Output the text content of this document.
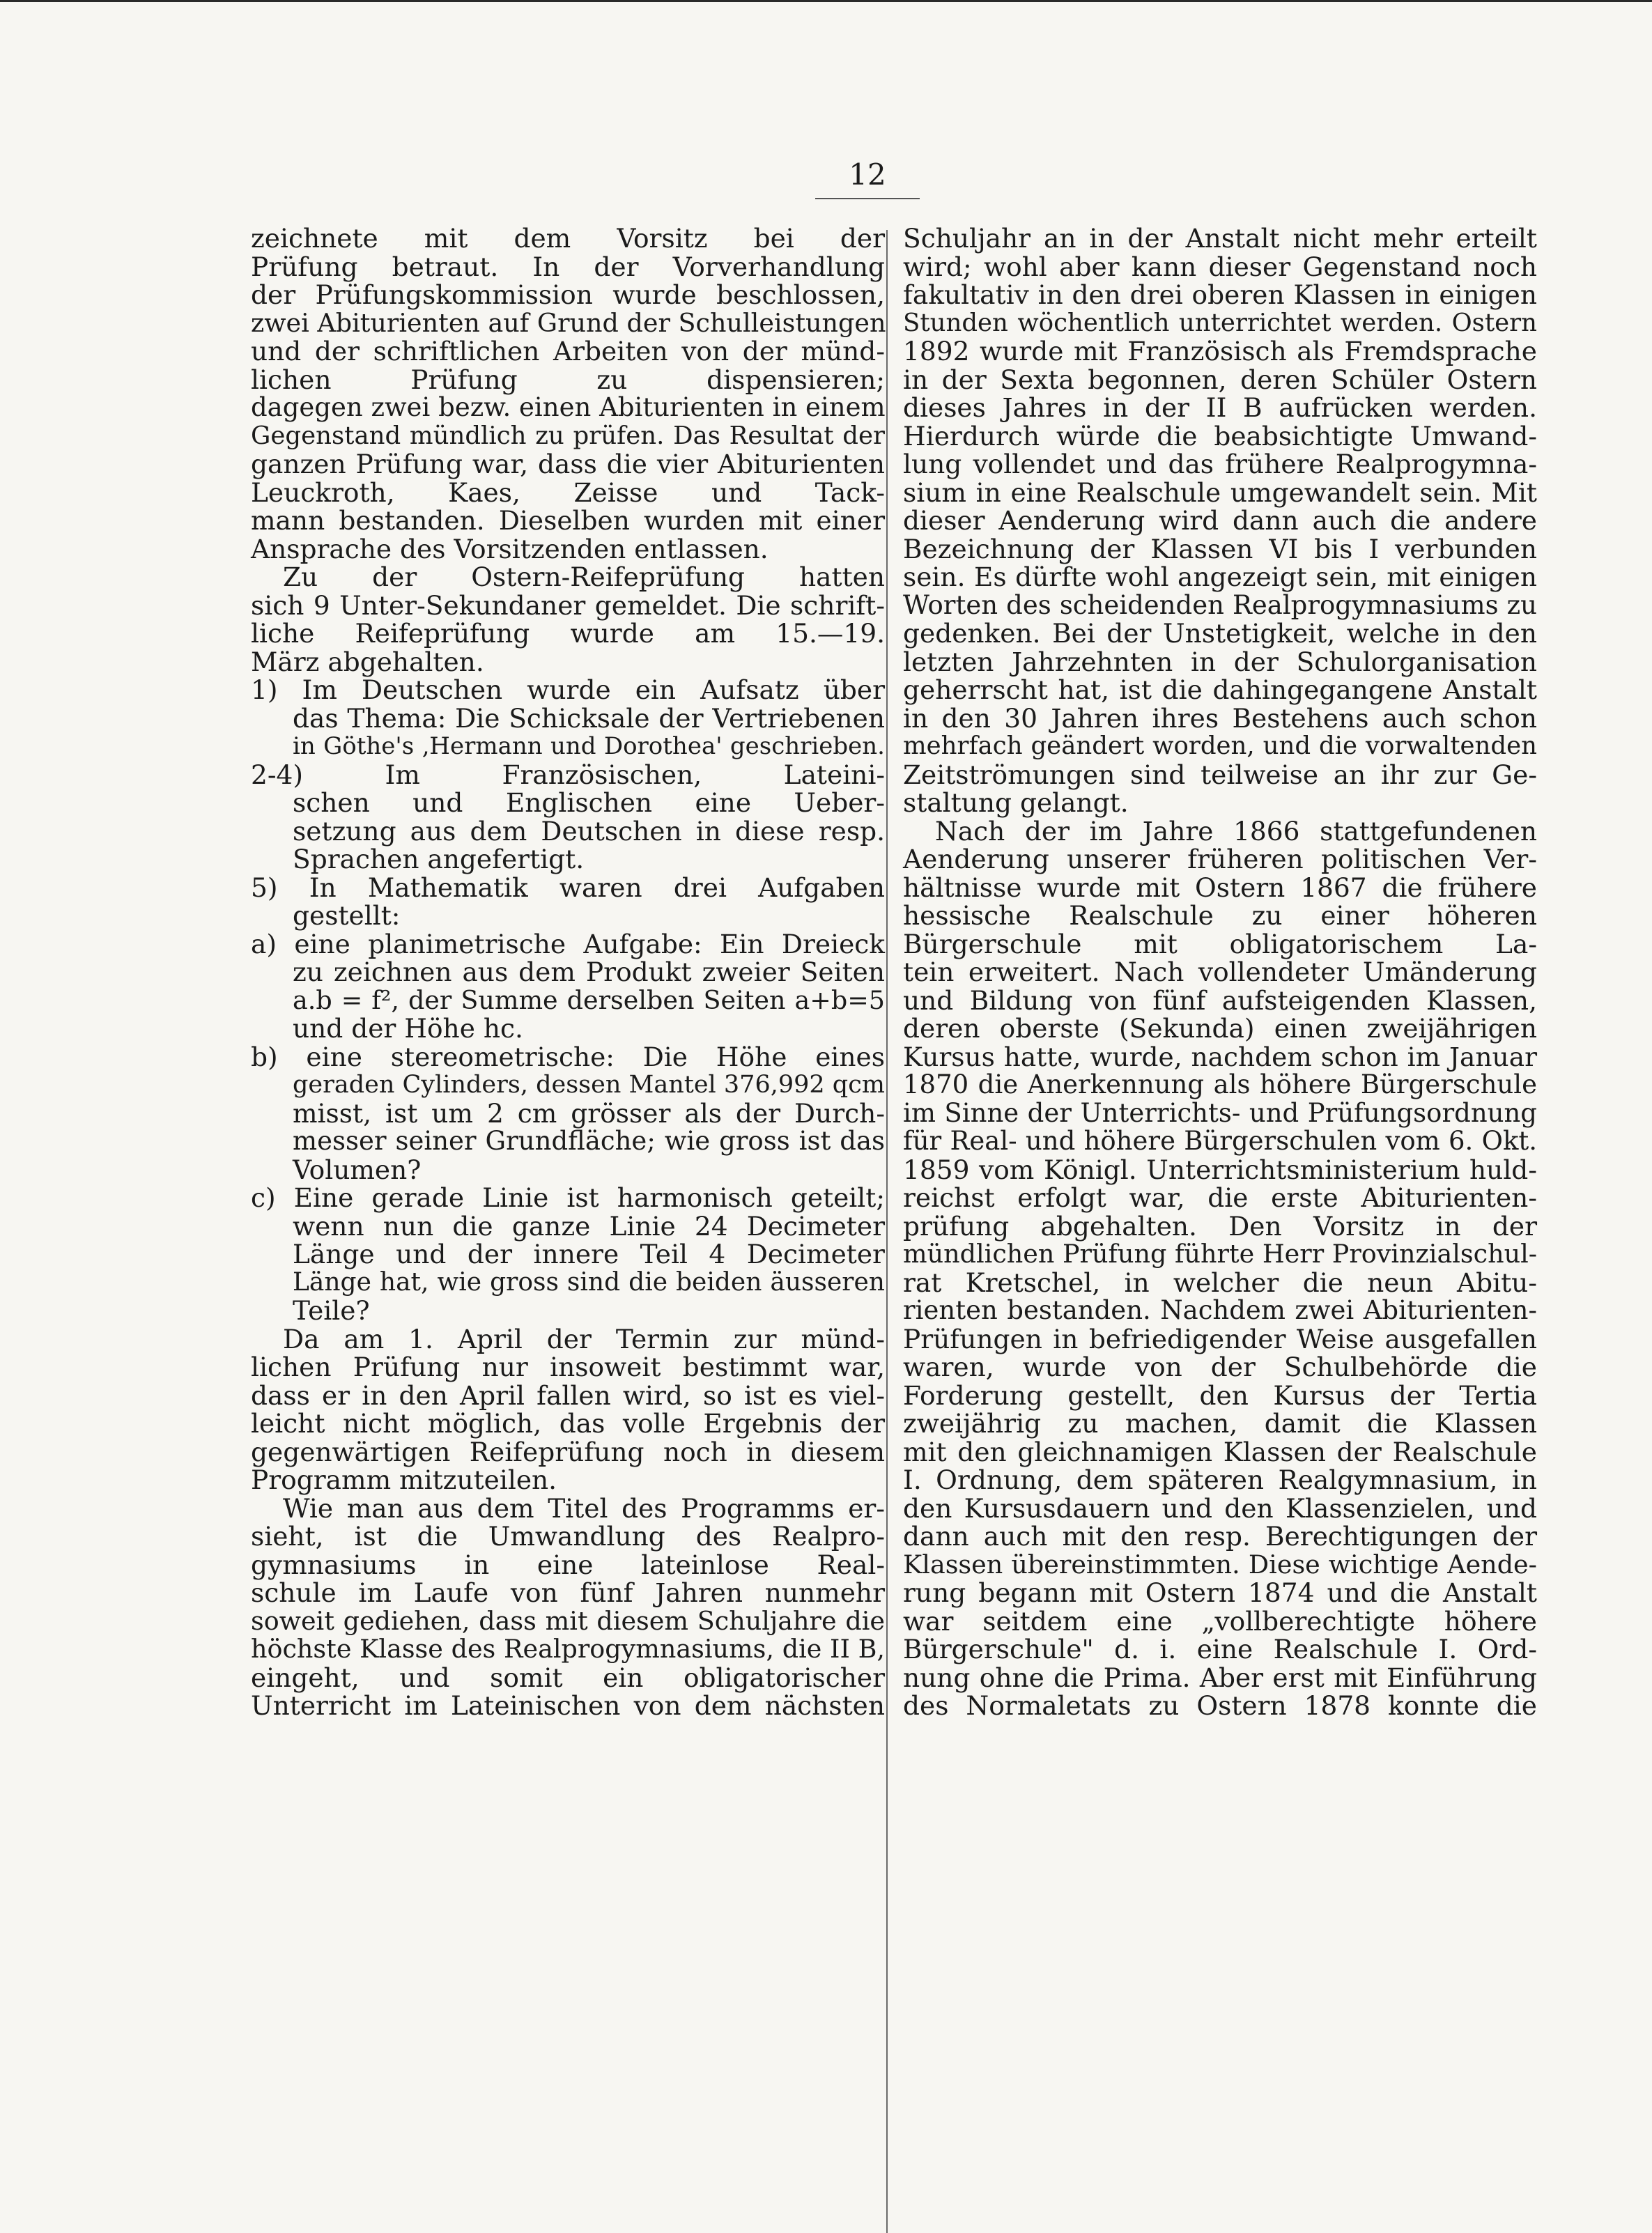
12
zeichnete mit dem Vorsitz bei der
Prüfung betraut. In der Vorverhandlung
der Prüfungskommission wurde beschlossen,
zwei Abiturienten auf Grund der Schulleistungen
und der schriftlichen Arbeiten von der münd-
lichen Prüfung zu dispensieren;
dagegen zwei bezw. einen Abiturienten in einem
Gegenstand mündlich zu prüfen. Das Resultat der
ganzen Prüfung war, dass die vier Abiturienten
Leuckroth, Kaes, Zeisse und Tack-
mann bestanden. Dieselben wurden mit einer
Ansprache des Vorsitzenden entlassen.
Zu der Ostern-Reifeprüfung hatten
sich 9 Unter-Sekundaner gemeldet. Die schrift-
liche Reifeprüfung wurde am 15.—19.
März abgehalten.
1) Im Deutschen wurde ein Aufsatz über
das Thema: Die Schicksale der Vertriebenen
in Göthe's ‚Hermann und Dorothea' geschrieben.
2-4) Im Französischen, Lateini-
schen und Englischen eine Ueber-
setzung aus dem Deutschen in diese resp.
Sprachen angefertigt.
5) In Mathematik waren drei Aufgaben
gestellt:
a) eine planimetrische Aufgabe: Ein Dreieck
zu zeichnen aus dem Produkt zweier Seiten
a.b = f², der Summe derselben Seiten a+b=5
und der Höhe hc.
b) eine stereometrische: Die Höhe eines
geraden Cylinders, dessen Mantel 376,992 qcm
misst, ist um 2 cm grösser als der Durch-
messer seiner Grundfläche; wie gross ist das
Volumen?
c) Eine gerade Linie ist harmonisch geteilt;
wenn nun die ganze Linie 24 Decimeter
Länge und der innere Teil 4 Decimeter
Länge hat, wie gross sind die beiden äusseren
Teile?
Da am 1. April der Termin zur münd-
lichen Prüfung nur insoweit bestimmt war,
dass er in den April fallen wird, so ist es viel-
leicht nicht möglich, das volle Ergebnis der
gegenwärtigen Reifeprüfung noch in diesem
Programm mitzuteilen.
Wie man aus dem Titel des Programms er-
sieht, ist die Umwandlung des Realpro-
gymnasiums in eine lateinlose Real-
schule im Laufe von fünf Jahren nunmehr
soweit gediehen, dass mit diesem Schuljahre die
höchste Klasse des Realprogymnasiums, die II B,
eingeht, und somit ein obligatorischer
Unterricht im Lateinischen von dem nächsten
Schuljahr an in der Anstalt nicht mehr erteilt
wird; wohl aber kann dieser Gegenstand noch
fakultativ in den drei oberen Klassen in einigen
Stunden wöchentlich unterrichtet werden. Ostern
1892 wurde mit Französisch als Fremdsprache
in der Sexta begonnen, deren Schüler Ostern
dieses Jahres in der II B aufrücken werden.
Hierdurch würde die beabsichtigte Umwand-
lung vollendet und das frühere Realprogymna-
sium in eine Realschule umgewandelt sein. Mit
dieser Aenderung wird dann auch die andere
Bezeichnung der Klassen VI bis I verbunden
sein. Es dürfte wohl angezeigt sein, mit einigen
Worten des scheidenden Realprogymnasiums zu
gedenken. Bei der Unstetigkeit, welche in den
letzten Jahrzehnten in der Schulorganisation
geherrscht hat, ist die dahingegangene Anstalt
in den 30 Jahren ihres Bestehens auch schon
mehrfach geändert worden, und die vorwaltenden
Zeitströmungen sind teilweise an ihr zur Ge-
staltung gelangt.
Nach der im Jahre 1866 stattgefundenen
Aenderung unserer früheren politischen Ver-
hältnisse wurde mit Ostern 1867 die frühere
hessische Realschule zu einer höheren
Bürgerschule mit obligatorischem La-
tein erweitert. Nach vollendeter Umänderung
und Bildung von fünf aufsteigenden Klassen,
deren oberste (Sekunda) einen zweijährigen
Kursus hatte, wurde, nachdem schon im Januar
1870 die Anerkennung als höhere Bürgerschule
im Sinne der Unterrichts- und Prüfungsordnung
für Real- und höhere Bürgerschulen vom 6. Okt.
1859 vom Königl. Unterrichtsministerium huld-
reichst erfolgt war, die erste Abiturienten-
prüfung abgehalten. Den Vorsitz in der
mündlichen Prüfung führte Herr Provinzialschul-
rat Kretschel, in welcher die neun Abitu-
rienten bestanden. Nachdem zwei Abiturienten-
Prüfungen in befriedigender Weise ausgefallen
waren, wurde von der Schulbehörde die
Forderung gestellt, den Kursus der Tertia
zweijährig zu machen, damit die Klassen
mit den gleichnamigen Klassen der Realschule
I. Ordnung, dem späteren Realgymnasium, in
den Kursusdauern und den Klassenzielen, und
dann auch mit den resp. Berechtigungen der
Klassen übereinstimmten. Diese wichtige Aende-
rung begann mit Ostern 1874 und die Anstalt
war seitdem eine „vollberechtigte höhere
Bürgerschule" d. i. eine Realschule I. Ord-
nung ohne die Prima. Aber erst mit Einführung
des Normaletats zu Ostern 1878 konnte die
